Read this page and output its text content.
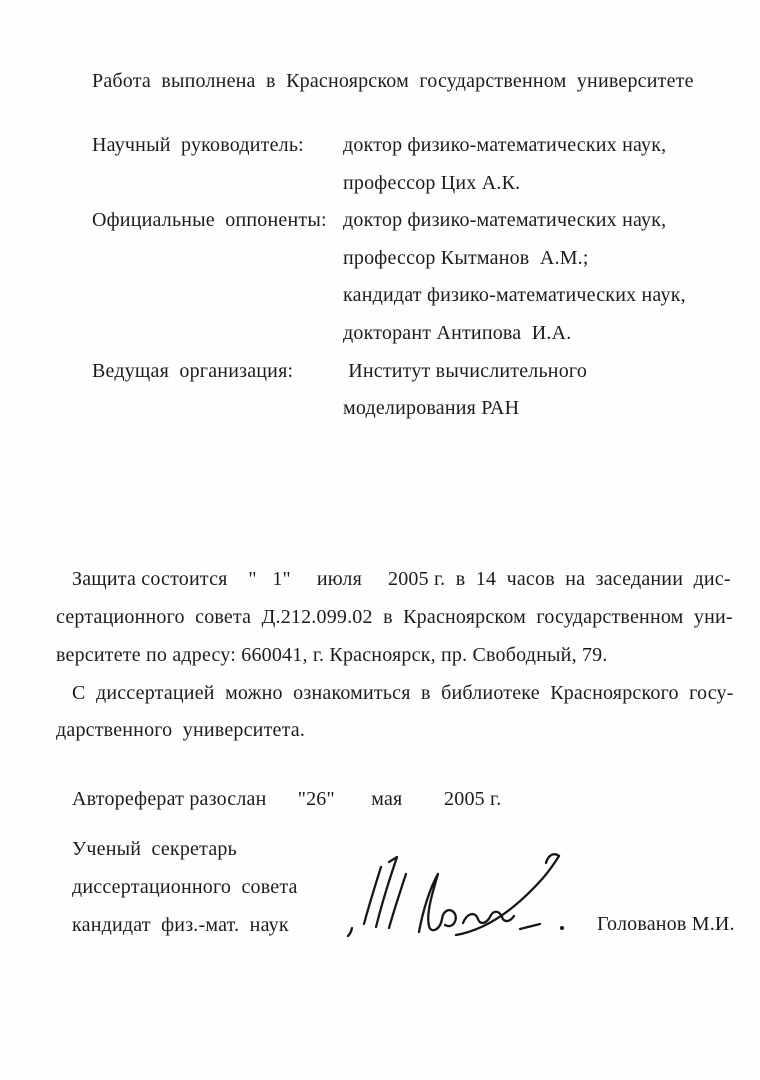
Работа  выполнена  в  Красноярском  государственном  университете
Научный  руководитель: доктор физико-математических наук,
профессор Цих А.К.
Официальные  оппоненты: доктор физико-математических наук,
профессор Кытманов  А.М.;
кандидат физико-математических наук,
докторант Антипова  И.А.
Ведущая  организация: Институт вычислительного
моделирования РАН
Защита состоится    "   1"     июля     2005 г.  в  14  часов  на  заседании  дис-
сертационного  совета  Д.212.099.02  в  Красноярском  государственном  уни-
верситете по адресу: 660041, г. Красноярск, пр. Свободный, 79.
С  диссертацией  можно  ознакомиться  в  библиотеке  Красноярского  госу-
дарственного  университета.
Автореферат разослан      "26"       мая        2005 г.
Ученый  секретарь
диссертационного  совета
кандидат  физ.-мат.  наук	Голованов М.И.
